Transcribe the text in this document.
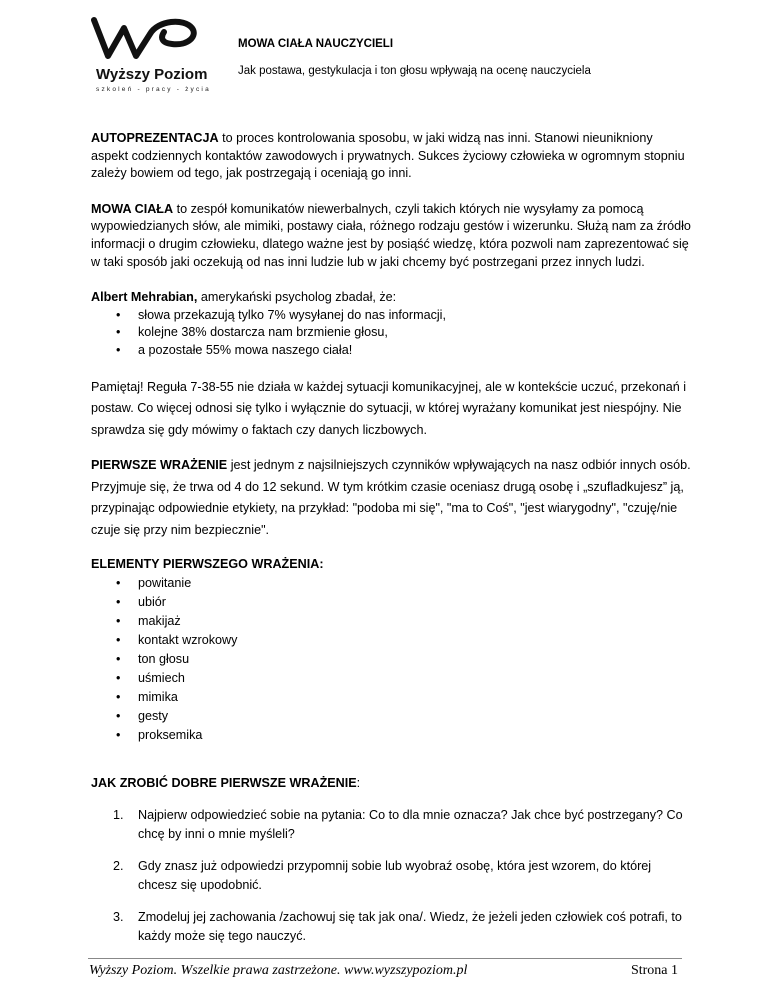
Wyższy Poziom
szkoleń - pracy - życia
MOWA CIAŁA NAUCZYCIELI
Jak postawa, gestykulacja i ton głosu wpływają na ocenę nauczyciela

AUTOPREZENTACJA to proces kontrolowania sposobu, w jaki widzą nas inni. Stanowi nieunikniony aspekt codziennych kontaktów zawodowych i prywatnych. Sukces życiowy człowieka w ogromnym stopniu zależy bowiem od tego, jak postrzegają i oceniają go inni.

MOWA CIAŁA to zespół komunikatów niewerbalnych, czyli takich których nie wysyłamy za pomocą wypowiedzianych słów, ale mimiki, postawy ciała, różnego rodzaju gestów i wizerunku. Służą nam za źródło informacji o drugim człowieku, dlatego ważne jest by posiąść wiedzę, która pozwoli nam zaprezentować się w taki sposób jaki oczekują od nas inni ludzie lub w jaki chcemy być postrzegani przez innych ludzi.

Albert Mehrabian, amerykański psycholog zbadał, że:

• słowa przekazują tylko 7% wysyłanej do nas informacji,
• kolejne 38% dostarcza nam brzmienie głosu,
• a pozostałe 55% mowa naszego ciała!

Pamiętaj! Reguła 7-38-55 nie działa w każdej sytuacji komunikacyjnej, ale w kontekście uczuć, przekonań i postaw. Co więcej odnosi się tylko i wyłącznie do sytuacji, w której wyrażany komunikat jest niespójny. Nie sprawdza się gdy mówimy o faktach czy danych liczbowych.

PIERWSZE WRAŻENIE jest jednym z najsilniejszych czynników wpływających na nasz odbiór innych osób. Przyjmuje się, że trwa od 4 do 12 sekund. W tym krótkim czasie oceniasz drugą osobę i „szufladkujesz” ją, przypinając odpowiednie etykiety, na przykład: "podoba mi się", "ma to Coś", "jest wiarygodny", "czuję/nie czuje się przy nim bezpiecznie".

ELEMENTY PIERWSZEGO WRAŻENIA:

• powitanie
• ubiór
• makijaż
• kontakt wzrokowy
• ton głosu
• uśmiech
• mimika
• gesty
• proksemika

JAK ZROBIĆ DOBRE PIERWSZE WRAŻENIE:

1. Najpierw odpowiedzieć sobie na pytania: Co to dla mnie oznacza? Jak chce być postrzegany? Co chcę by inni o mnie myśleli?
2. Gdy znasz już odpowiedzi przypomnij sobie lub wyobraź osobę, która jest wzorem, do której chcesz się upodobnić.
3. Zmodeluj jej zachowania /zachowuj się tak jak ona/. Wiedz, że jeżeli jeden człowiek coś potrafi, to każdy może się tego nauczyć.
Wyższy Poziom. Wszelkie prawa zastrzeżone. www.wyzszypoziom.pl	Strona 1
